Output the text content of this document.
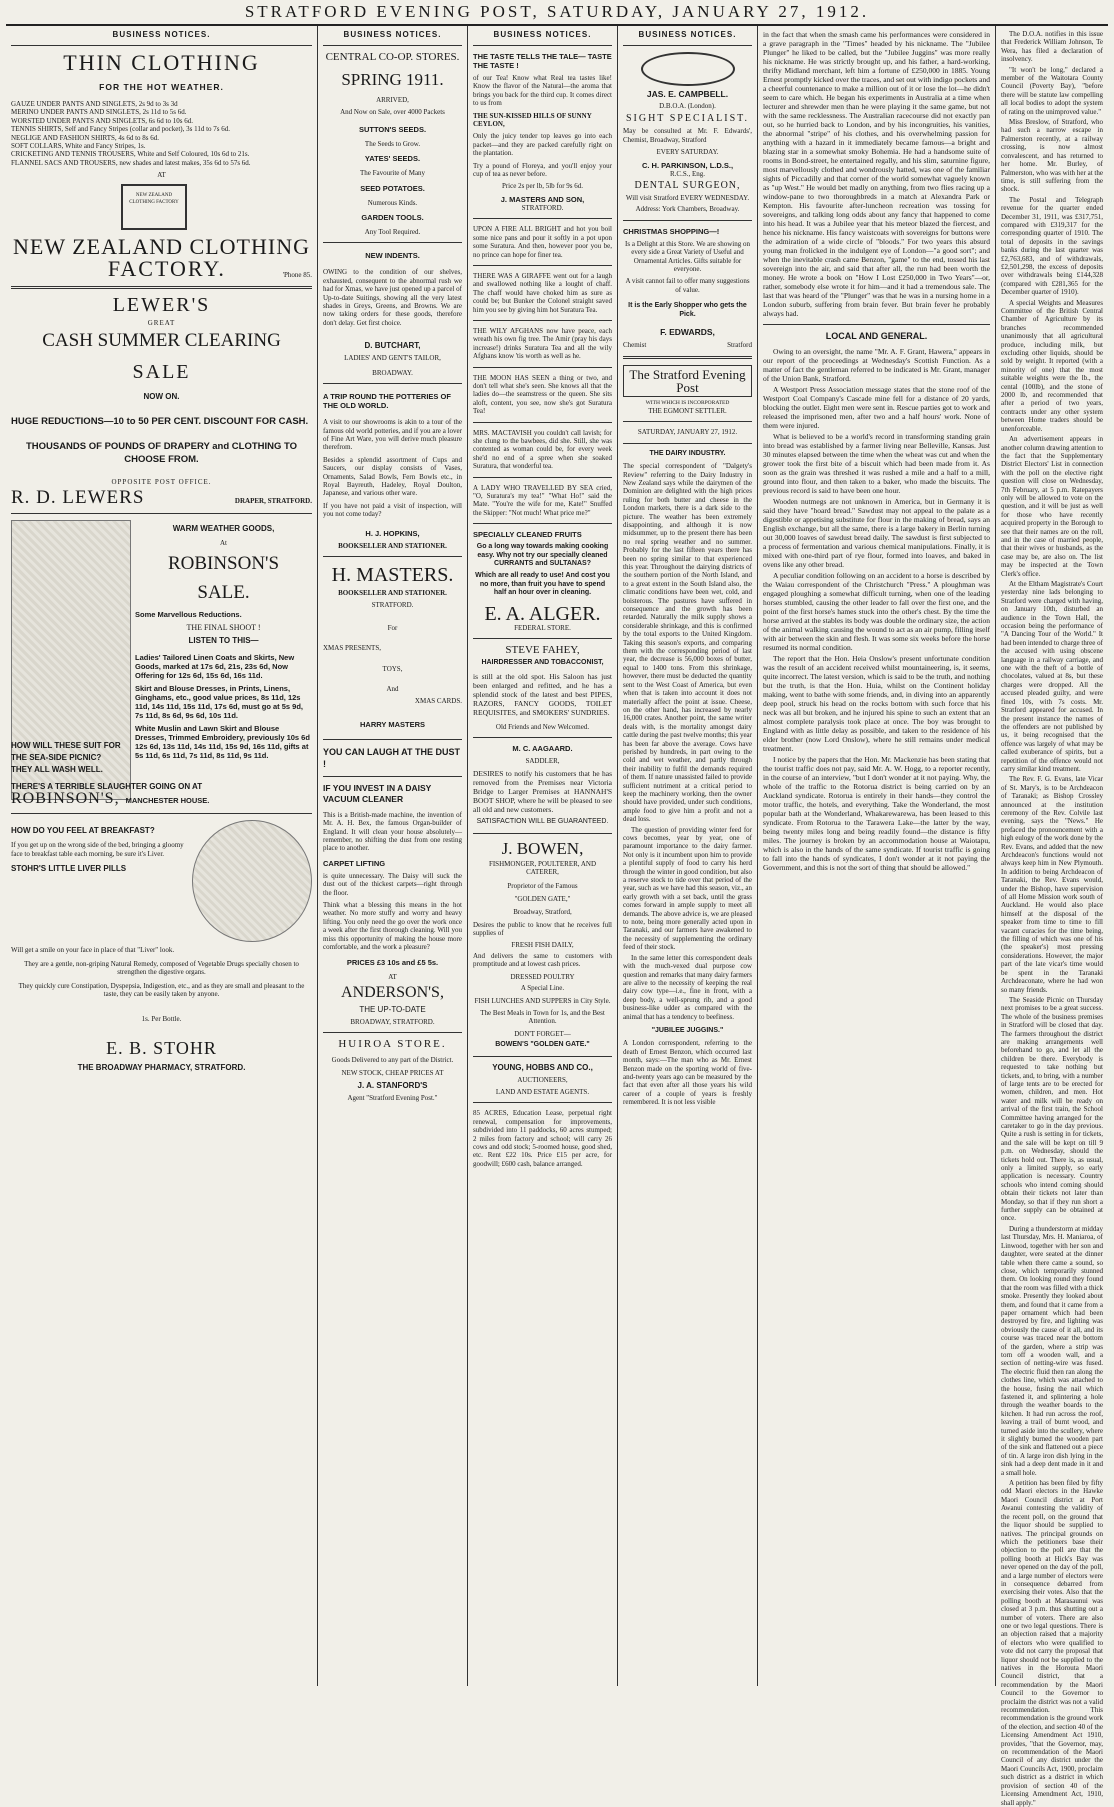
STRATFORD EVENING POST, SATURDAY, JANUARY 27, 1912.
BUSINESS NOTICES.
THIN CLOTHING
FOR THE HOT WEATHER.
GAUZE UNDER PANTS AND SINGLETS, 2s 9d to 3s 3d
MERINO UNDER PANTS AND SINGLETS, 2s 11d to 5s 6d.
WORSTED UNDER PANTS AND SINGLETS, 6s 6d to 10s 6d.
TENNIS SHIRTS, Self and Fancy Stripes (collar and pocket), 3s 11d to 7s 6d.
NEGLIGE AND FASHION SHIRTS, 4s 6d to 8s 6d.
SOFT COLLARS, White and Fancy Stripes, 1s.
CRICKETING AND TENNIS TROUSERS, White and Self Coloured, 10s 6d to 21s.
FLANNEL SACS AND TROUSERS, new shades and latest makes, 35s 6d to 57s 6d.
AT
NEW ZEALAND CLOTHING FACTORY
NEW ZEALAND CLOTHING
FACTORY.	'Phone 85.
LEWER'S
GREAT
CASH SUMMER CLEARING
SALE
NOW ON.
HUGE REDUCTIONS—10 to 50 PER CENT. DISCOUNT FOR CASH.
THOUSANDS OF POUNDS OF DRAPERY and CLOTHING TO CHOOSE FROM.
OPPOSITE POST OFFICE.
R. D. LEWERS	DRAPER, STRATFORD.
WARM WEATHER GOODS,
At
ROBINSON'S
SALE.
Some Marvellous Reductions.
THE FINAL SHOOT !
LISTEN TO THIS—
Ladies' Tailored Linen Coats and Skirts, New Goods, marked at 17s 6d, 21s, 23s 6d, Now Offering for 12s 6d, 15s 6d, 16s 11d.
Skirt and Blouse Dresses, in Prints, Linens, Ginghams, etc., good value prices, 8s 11d, 12s 11d, 14s 11d, 15s 11d, 17s 6d, must go at 5s 9d, 7s 11d, 8s 6d, 9s 6d, 10s 11d.
White Muslin and Lawn Skirt and Blouse Dresses, Trimmed Embroidery, previously 10s 6d 12s 6d, 13s 11d, 14s 11d, 15s 9d, 16s 11d, gifts at 5s 11d, 6s 11d, 7s 11d, 8s 11d, 9s 11d.
HOW WILL THESE SUIT FOR THE SEA-SIDE PICNIC? THEY ALL WASH WELL.
THERE'S A TERRIBLE SLAUGHTER GOING ON AT
ROBINSON'S, MANCHESTER HOUSE.
HOW DO YOU FEEL AT BREAKFAST?
If you get up on the wrong side of the bed, bringing a gloomy face to breakfast table each morning, be sure it's Liver.
STOHR'S LITTLE LIVER PILLS
Will get a smile on your face in place of that "Liver" look.
They are a gentle, non-griping Natural Remedy, composed of Vegetable Drugs specially chosen to strengthen the digestive organs.
They quickly cure Constipation, Dyspepsia, Indigestion, etc., and as they are small and pleasant to the taste, they can be easily taken by anyone.
1s. Per Bottle.
E. B. STOHR
THE BROADWAY PHARMACY, STRATFORD.
BUSINESS NOTICES.
CENTRAL CO-OP. STORES.
SPRING 1911.
ARRIVED,
And Now on Sale, over 4000 Packets
SUTTON'S SEEDS.
The Seeds to Grow.
YATES' SEEDS.
The Favourite of Many
SEED POTATOES.
Numerous Kinds.
GARDEN TOOLS.
Any Tool Required.
NEW INDENTS.
OWING to the condition of our shelves, exhausted, consequent to the abnormal rush we had for Xmas, we have just opened up a parcel of Up-to-date Suitings, showing all the very latest shades in Greys, Greens, and Browns. We are now taking orders for these goods, therefore don't delay. Get first choice.
D. BUTCHART,
LADIES' AND GENT'S TAILOR,
BROADWAY.
A TRIP ROUND THE POTTERIES OF THE OLD WORLD.
A visit to our showrooms is akin to a tour of the famous old world potteries, and if you are a lover of Fine Art Ware, you will derive much pleasure therefrom.
Besides a splendid assortment of Cups and Saucers, our display consists of Vases, Ornaments, Salad Bowls, Fern Bowls etc., in Royal Bayreuth, Hadeley, Royal Doulton, Japanese, and various other ware.
If you have not paid a visit of inspection, will you not come today?
H. J. HOPKINS,
BOOKSELLER AND STATIONER.
H. MASTERS.
BOOKSELLER AND STATIONER.
STRATFORD.
For
XMAS PRESENTS,
TOYS,
And
XMAS CARDS.
HARRY MASTERS
YOU CAN LAUGH AT THE DUST !
IF YOU INVEST IN A DAISY VACUUM CLEANER
This is a British-made machine, the invention of Mr. A. H. Bex, the famous Organ-builder of England. It will clean your house absolutely—remember, no shifting the dust from one resting place to another.
CARPET LIFTING
is quite unnecessary. The Daisy will suck the dust out of the thickest carpets—right through the floor.
Think what a blessing this means in the hot weather. No more stuffy and worry and heavy lifting. You only need the go over the work once a week after the first thorough cleaning. Will you miss this opportunity of making the house more comfortable, and the work a pleasure?
PRICES £3 10s and £5 5s.
AT
ANDERSON'S,
THE UP-TO-DATE
BROADWAY, STRATFORD.
HUIROA STORE.
Goods Delivered to any part of the District.
NEW STOCK, CHEAP PRICES AT
J. A. STANFORD'S
Agent "Stratford Evening Post."
BUSINESS NOTICES.
THE TASTE TELLS THE TALE— TASTE THE TASTE !
of our Tea! Know what Real tea tastes like! Know the flavor of the Natural—the aroma that brings you back for the third cup. It comes direct to us from
THE SUN-KISSED HILLS OF SUNNY CEYLON,
Only the juicy tender top leaves go into each packet—and they are packed carefully right on the plantation.
Try a pound of Floreya, and you'll enjoy your cup of tea as never before.
Price 2s per lb, 5lb for 9s 6d.
J. MASTERS AND SON,
STRATFORD.
UPON A FIRE ALL BRIGHT and hot you boil some nice pans and pour it softly in a pot upon some Suratura. And then, however poor you be, no prince can hope for finer tea.
THERE WAS A GIRAFFE went out for a laugh and swallowed nothing like a lought of chaff. The chaff would have choked him as sure as could be; but Bunker the Colonel straight saved him you see by giving him hot Suratura Tea.
THE WILY AFGHANS now have peace, each wreath his own fig tree. The Amir (pray his days increase!) drinks Suratura Tea and all the wily Afghans know 'tis worth as well as he.
THE MOON HAS SEEN a thing or two, and don't tell what she's seen. She knows all that the ladies do—the seamstress or the queen. She sits aloft, content, you see, now she's got Suratura Tea!
MRS. MACTAVISH you couldn't call lavish; for she clung to the bawbees, did she. Still, she was contented as woman could be, for every week she'd no end of a spree when she soaked Suratura, that wonderful tea.
A LADY WHO TRAVELLED BY SEA cried, "O, Suratura's my tea!" "What Ho!" said the Mate. "You're the wife for me, Kate!" Snuffed the Skipper: "Not much! What price me?"
SPECIALLY CLEANED FRUITS
Go a long way towards making cooking easy. Why not try our specially cleaned CURRANTS and SULTANAS?
Which are all ready to use! And cost you no more, than fruit you have to spend half an hour over in cleaning.
E. A. ALGER.
FEDERAL STORE.
STEVE FAHEY,
HAIRDRESSER AND TOBACCONIST,
is still at the old spot. His Saloon has just been enlarged and refitted, and he has a splendid stock of the latest and best PIPES, RAZORS, FANCY GOODS, TOILET REQUISITES, and SMOKERS' SUNDRIES.
Old Friends and New Welcomed.
M. C. AAGAARD.
SADDLER,
DESIRES to notify his customers that he has removed from the Premises near Victoria Bridge to Larger Premises at HANNAH'S BOOT SHOP, where he will be pleased to see all old and new customers.
SATISFACTION WILL BE GUARANTEED.
J. BOWEN,
FISHMONGER, POULTERER, AND CATERER,
Proprietor of the Famous
"GOLDEN GATE,"
Broadway, Stratford,
Desires the public to know that he receives full supplies of
FRESH FISH DAILY,
And delivers the same to customers with promptitude and at lowest cash prices.
DRESSED POULTRY
A Special Line.
FISH LUNCHES AND SUPPERS in City Style.
The Best Meals in Town for 1s, and the Best Attention.
DON'T FORGET—
BOWEN'S "GOLDEN GATE."
YOUNG, HOBBS AND CO.,
AUCTIONEERS,
LAND AND ESTATE AGENTS.
85 ACRES, Education Lease, perpetual right renewal, compensation for improvements, subdivided into 11 paddocks, 60 acres stumped; 2 miles from factory and school; will carry 26 cows and odd stock; 5-roomed house, good shed, etc. Rent £22 10s. Price £15 per acre, for goodwill; £600 cash, balance arranged.
BUSINESS NOTICES.
JAS. E. CAMPBELL.
D.B.O.A. (London).
SIGHT SPECIALIST.
May be consulted at Mr. F. Edwards', Chemist, Broadway, Stratford
EVERY SATURDAY.
C. H. PARKINSON, L.D.S.,
R.C.S., Eng.
DENTAL SURGEON,
Will visit Stratford EVERY WEDNESDAY.
Address: York Chambers, Broadway.
CHRISTMAS SHOPPING—!
Is a Delight at this Store. We are showing on every side a Great Variety of Useful and Ornamental Articles. Gifts suitable for everyone.
A visit cannot fail to offer many suggestions of value.
It is the Early Shopper who gets the Pick.
F. EDWARDS,
Chemist	Stratford
The Stratford Evening Post
WITH WHICH IS INCORPORATED
THE EGMONT SETTLER.
SATURDAY, JANUARY 27, 1912.
THE DAIRY INDUSTRY.
The special correspondent of "Dalgety's Review" referring to the Dairy Industry in New Zealand says while the dairymen of the Dominion are delighted with the high prices ruling for both butter and cheese in the London markets, there is a dark side to the picture. The weather has been extremely disappointing, and although it is now midsummer, up to the present there has been no real spring weather and no summer. Probably for the last fifteen years there has been no spring similar to that experienced this year. Throughout the dairying districts of the southern portion of the North Island, and to a great extent in the South Island also, the climatic conditions have been wet, cold, and boisterous. The pastures have suffered in consequence and the growth has been retarded. Naturally the milk supply shows a considerable shrinkage, and this is confirmed by the total exports to the United Kingdom. Taking this season's exports, and comparing them with the corresponding period of last year, the decrease is 56,000 boxes of butter, equal to 1400 tons. From this shrinkage, however, there must be deducted the quantity sent to the West Coast of America, but even when that is taken into account it does not materially affect the point at issue. Cheese, on the other hand, has increased by nearly 16,000 crates. Another point, the same writer deals with, is the mortality amongst dairy cattle during the past twelve months; this year has been far above the average. Cows have perished by hundreds, in part owing to the cold and wet weather, and partly through their inability to fulfil the demands required of them. If nature unassisted failed to provide sufficient nutriment at a critical period to keep the machinery working, then the owner should have provided, under such conditions, ample food to give him a profit and not a dead loss.
The question of providing winter feed for cows becomes, year by year, one of paramount importance to the dairy farmer. Not only is it incumbent upon him to provide a plentiful supply of food to carry his herd through the winter in good condition, but also a reserve stock to tide over that period of the year, such as we have had this season, viz., an early growth with a set back, until the grass comes forward in ample supply to meet all demands. The above advice is, we are pleased to note, being more generally acted upon in Taranaki, and our farmers have awakened to the necessity of supplementing the ordinary feed of their stock.
In the same letter this correspondent deals with the much-vexed dual purpose cow question and remarks that many dairy farmers are alive to the necessity of keeping the real dairy cow type—i.e., fine in front, with a deep body, a well-sprung rib, and a good business-like udder as compared with the animal that has a tendency to beefiness.
"JUBILEE JUGGINS."
A London correspondent, referring to the death of Ernest Benzon, which occurred last month, says:—The man who as Mr. Ernest Benzon made on the sporting world of five-and-twenty years ago can be measured by the fact that even after all those years his wild career of a couple of years is freshly remembered. It is not less visible
in the fact that when the smash came his performances were considered in a grave paragraph in the "Times" headed by his nickname. The "Jubilee Plunger" he liked to be called, but the "Jubilee Juggins" was more really his nickname. He was strictly brought up, and his father, a hard-working, thrifty Midland merchant, left him a fortune of £250,000 in 1885. Young Ernest promptly kicked over the traces, and set out with indigo pockets and a cheerful countenance to make a million out of it or lose the lot—he didn't seem to care which. He began his experiments in Australia at a time when lecturer and shrewder men than he were playing it the same game, but not with the same recklessness. The Australian racecourse did not exactly pan out, so he hurried back to London, and by his incongruities, his vanities, the abnormal "stripe" of his clothes, and his overwhelming passion for anything with a hazard in it immediately became famous—a bright and blazing star in a somewhat smoky Bohemia. He had a handsome suite of rooms in Bond-street, he entertained regally, and his slim, saturnine figure, most marvellously clothed and wondrously hatted, was one of the familiar sights of Piccadilly and that corner of the world somewhat vaguely known as "up West." He would bet madly on anything, from two flies racing up a window-pane to two thoroughbreds in a match at Alexandra Park or Kempton. His favourite after-luncheon recreation was tossing for sovereigns, and talking long odds about any fancy that happened to come into his head. It was a Jubilee year that his meteor blazed the fiercest, and hence his nickname. His fancy waistcoats with sovereigns for buttons were the admiration of a wide circle of "bloods." For two years this absurd young man frolicked in the indulgent eye of London—"a good sort"; and when the inevitable crash came Benzon, "game" to the end, tossed his last sovereign into the air, and said that after all, the run had been worth the money. He wrote a book on "How I Lost £250,000 in Two Years"—or, rather, somebody else wrote it for him—and it had a tremendous sale. The last that was heard of the "Plunger" was that he was in a nursing home in a London suburb, suffering from brain fever. But brain fever he probably always had.
LOCAL AND GENERAL.
Owing to an oversight, the name "Mr. A. F. Grant, Hawera," appears in our report of the proceedings at Wednesday's Scottish Function. As a matter of fact the gentleman referred to be indicated is Mr. Grant, manager of the Union Bank, Stratford.
A Westport Press Association message states that the stone roof of the Westport Coal Company's Cascade mine fell for a distance of 20 yards, blocking the outlet. Eight men were sent in. Rescue parties got to work and released the imprisoned men, after two and a half hours' work. None of them were injured.
What is believed to be a world's record in transforming standing grain into bread was established by a farmer living near Belleville, Kansas. Just 30 minutes elapsed between the time when the wheat was cut and when the grower took the first bite of a biscuit which had been made from it. As soon as the grain was threshed it was rushed a mile and a half to a mill, ground into flour, and then taken to a baker, who made the biscuits. The previous record is said to have been one hour.
Wooden nutmegs are not unknown in America, but in Germany it is said they have "hoard bread." Sawdust may not appeal to the palate as a digestible or appetising substitute for flour in the making of bread, says an English exchange, but all the same, there is a large bakery in Berlin turning out 30,000 loaves of sawdust bread daily. The sawdust is first subjected to a process of fermentation and various chemical manipulations. Finally, it is mixed with one-third part of rye flour, formed into loaves, and baked in ovens like any other bread.
A peculiar condition following on an accident to a horse is described by the Waiau correspondent of the Christchurch "Press." A ploughman was engaged ploughing a somewhat difficult turning, when one of the leading horses stumbled, causing the other leader to fall over the first one, and the point of the first horse's hames stuck into the other's chest. By the time the horse arrived at the stables its body was double the ordinary size, the action of the animal walking causing the wound to act as an air pump, filling itself with air between the skin and flesh. It was some six weeks before the horse resumed its normal condition.
The report that the Hon. Heia Onslow's present unfortunate condition was the result of an accident received whilst mountaineering, is, it seems, quite incorrect. The latest version, which is said to be the truth, and nothing but the truth, is that the Hon. Huia, whilst on the Continent holiday making, went to bathe with some friends, and, in diving into an apparently deep pool, struck his head on the rocks bottom with such force that his neck was all but broken, and he injured his spine to such an extent that an almost complete paralysis took place at once. The boy was brought to England with as little delay as possible, and taken to the residence of his elder brother (now Lord Onslow), where he still remains under medical treatment.
I notice by the papers that the Hon. Mr. Mackenzie has been stating that the tourist traffic does not pay, said Mr. A. W. Hogg, to a reporter recently, in the course of an interview, "but I don't wonder at it not paying. Why, the whole of the traffic to the Rotorua district is being carried on by an Auckland syndicate. Rotorua is entirely in their hands—they control the motor traffic, the hotels, and everything. Take the Wonderland, the most popular bath at the Wonderland, Whakarewarewa, has been leased to this syndicate. From Rotorua to the Tarawera Lake—the latter by the way, being twenty miles long and being readily found—the distance is fifty miles. The journey is broken by an accommodation house at Waiotapu, which is also in the hands of the same syndicate. If tourist traffic is going to fall into the hands of syndicates, I don't wonder at it not paying the Government, and this is not the sort of thing that should be allowed."
The D.O.A. notifies in this issue that Frederick William Johnson, Te Wera, has filed a declaration of insolvency.
"It won't be long," declared a member of the Waitotara County Council (Poverty Bay), "before there will be statute law compelling all local bodies to adopt the system of rating on the unimproved value."
Miss Breslow, of Stratford, who had such a narrow escape in Palmerston recently, at a railway crossing, is now almost convalescent, and has returned to her home. Mr. Burley, of Palmerston, who was with her at the time, is still suffering from the shock.
The Postal and Telegraph revenue for the quarter ended December 31, 1911, was £317,751, compared with £319,317 for the corresponding quarter of 1910. The total of deposits in the savings banks during the last quarter was £2,763,683, and of withdrawals, £2,501,298, the excess of deposits over withdrawals being £144,328 (compared with £281,365 for the December quarter of 1910).
A special Weights and Measures Committee of the British Central Chamber of Agriculture by its branches recommended unanimously that all agricultural produce, including milk, but excluding other liquids, should be sold by weight. It reported (with a minority of one) that the most suitable weights were the lb., the cental (100lb), and the stone of 2000 lb, and recommended that after a period of two years, contracts under any other system between Home traders should be unenforceable.
An advertisement appears in another column drawing attention to the fact that the Supplementary District Electors' List in connection with the poll on the elective right question will close on Wednesday, 7th February, at 5 p.m. Ratepayers only will be allowed to vote on the question, and it will be just as well for those who have recently acquired property in the Borough to see that their names are on the roll, and in the case of married people, that their wives or husbands, as the case may be, are also on. The list may be inspected at the Town Clerk's office.
At the Eltham Magistrate's Court yesterday nine lads belonging to Stratford were charged with having, on January 10th, disturbed an audience in the Town Hall, the occasion being the performance of "A Dancing Tour of the World." It had been intended to charge three of the accused with using obscene language in a railway carriage, and one with the theft of a bottle of chocolates, valued at 8s, but these charges were dropped. All the accused pleaded guilty, and were fined 10s, with 7s costs. Mr. Stratford appeared for accused. In the present instance the names of the offenders are not published by us, it being recognised that the offence was largely of what may be called exuberance of spirits, but a repetition of the offence would not carry similar kind treatment.
The Rev. F. G. Evans, late Vicar of St. Mary's, is to be Archdeacon of Taranaki; as Bishop Crossley announced at the institution ceremony of the Rev. Colvile last evening, says the "News." He prefaced the pronouncement with a high eulogy of the work done by the Rev. Evans, and added that the new Archdeacon's functions would not always keep him in New Plymouth. In addition to being Archdeacon of Taranaki, the Rev. Evans would, under the Bishop, have supervision of all Home Mission work south of Auckland. He would also place himself at the disposal of the speaker from time to time to fill vacant curacies for the time being, the filling of which was one of his (the speaker's) most pressing considerations. However, the major part of the late vicar's time would be spent in the Taranaki Archdeaconate, where he had won so many friends.
The Seaside Picnic on Thursday next promises to be a great success. The whole of the business premises in Stratford will be closed that day. The farmers throughout the district are making arrangements well beforehand to go, and let all the children be there. Everybody is requested to take nothing but tickets, and, to bring, with a number of large tents are to be erected for women, children, and men. Hot water and milk will be ready on arrival of the first train, the School Committee having arranged for the caretaker to go in the day previous. Quite a rush is setting in for tickets, and the sale will be kept on till 9 p.m. on Wednesday, should the tickets hold out. There is, as usual, only a limited supply, so early application is necessary. Country schools who intend coming should obtain their tickets not later than Monday, so that if they run short a further supply can be obtained at once.
During a thunderstorm at midday last Thursday, Mrs. H. Maniaroa, of Linwood, together with her son and daughter, were seated at the dinner table when there came a sound, so close, which temporarily stunned them. On looking round they found that the room was filled with a thick smoke. Presently they looked about them, and found that it came from a paper ornament which had been destroyed by fire, and lighting was obviously the cause of it all, and its course was traced near the bottom of the garden, where a strip was torn off a wooden wall, and a section of netting-wire was fused. The electric fluid then ran along the clothes line, which was attached to the house, fusing the nail which fastened it, and splintering a hole through the weather boards to the kitchen. It had run across the roof, leaving a trail of burnt wood, and turned aside into the scullery, where it slightly burned the wooden part of the sink and flattened out a piece of tin. A large iron dish lying in the sink had a deep dent made in it and a small hole.
A petition has been filed by fifty odd Maori electors in the Hawke Maori Council district at Port Awanui contesting the validity of the recent poll, on the ground that the liquor should be supplied to natives. The principal grounds on which the petitioners base their objection to the poll are that the polling booth at Hick's Bay was never opened on the day of the poll, and a large number of electors were in consequence debarred from exercising their votes. Also that the polling booth at Marasaunui was closed at 3 p.m. thus shutting out a number of voters. There are also one or two legal questions. There is an objection raised that a majority of electors who were qualified to vote did not carry the proposal that liquor should not be supplied to the natives in the Horouta Maori Council district, that a recommendation by the Maori Council to the Governor to proclaim the district was not a valid recommendation. This recommendation is the ground work of the election, and section 40 of the Licensing Amendment Act 1910, provides, "that the Governor, may, on recommendation of the Maori Council of any district under the Maori Councils Act, 1900, proclaim such district as a district in which provision of section 40 of the Licensing Amendment Act, 1910, shall apply."
